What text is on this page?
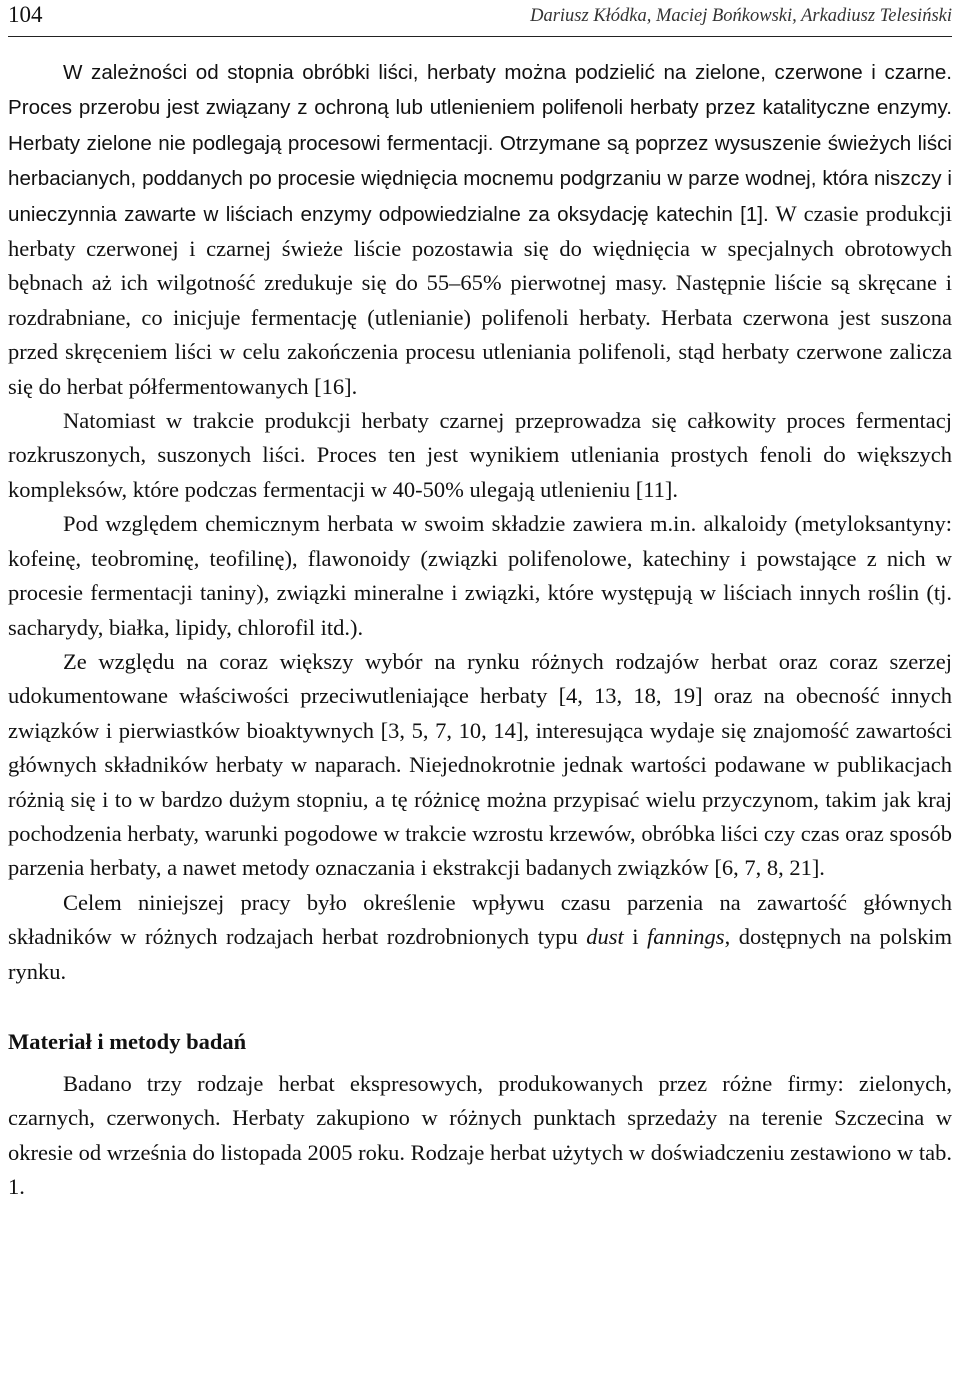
104	Dariusz Kłódka, Maciej Bońkowski, Arkadiusz Telesiński

W zależności od stopnia obróbki liści, herbaty można podzielić na zielone, czerwone i czarne. Proces przerobu jest związany z ochroną lub utlenieniem polifenoli herbaty przez katalityczne enzymy. Herbaty zielone nie podlegają procesowi fermentacji. Otrzymane są poprzez wysuszenie świeżych liści herbacianych, poddanych po procesie więdnięcia mocnemu podgrzaniu w parze wodnej, która niszczy i unieczynnia zawarte w liściach enzymy odpowiedzialne za oksydację katechin [1]. W czasie produkcji herbaty czerwonej i czarnej świeże liście pozostawia się do więdnięcia w specjalnych obrotowych bębnach aż ich wilgotność zredukuje się do 55–65% pierwotnej masy. Następnie liście są skręcane i rozdrabniane, co inicjuje fermentację (utlenianie) polifenoli herbaty. Herbata czerwona jest suszona przed skręceniem liści w celu zakończenia procesu utleniania polifenoli, stąd herbaty czerwone zalicza się do herbat półfermentowanych [16].

Natomiast w trakcie produkcji herbaty czarnej przeprowadza się całkowity proces fermentacj rozkruszonych, suszonych liści. Proces ten jest wynikiem utleniania prostych fenoli do większych kompleksów, które podczas fermentacji w 40-50% ulegają utlenieniu [11].

Pod względem chemicznym herbata w swoim składzie zawiera m.in. alkaloidy (metyloksantyny: kofeinę, teobrominę, teofilinę), flawonoidy (związki polifenolowe, katechiny i powstające z nich w procesie fermentacji taniny), związki mineralne i związki, które występują w liściach innych roślin (tj. sacharydy, białka, lipidy, chlorofil itd.).

Ze względu na coraz większy wybór na rynku różnych rodzajów herbat oraz coraz szerzej udokumentowane właściwości przeciwutleniające herbaty [4, 13, 18, 19] oraz na obecność innych związków i pierwiastków bioaktywnych [3, 5, 7, 10, 14], interesująca wydaje się znajomość zawartości głównych składników herbaty w naparach. Niejednokrotnie jednak wartości podawane w publikacjach różnią się i to w bardzo dużym stopniu, a tę różnicę można przypisać wielu przyczynom, takim jak kraj pochodzenia herbaty, warunki pogodowe w trakcie wzrostu krzewów, obróbka liści czy czas oraz sposób parzenia herbaty, a nawet metody oznaczania i ekstrakcji badanych związków [6, 7, 8, 21].

Celem niniejszej pracy było określenie wpływu czasu parzenia na zawartość głównych składników w różnych rodzajach herbat rozdrobnionych typu dust i fannings, dostępnych na polskim rynku.

Materiał i metody badań

Badano trzy rodzaje herbat ekspresowych, produkowanych przez różne firmy: zielonych, czarnych, czerwonych. Herbaty zakupiono w różnych punktach sprzedaży na terenie Szczecina w okresie od września do listopada 2005 roku. Rodzaje herbat użytych w doświadczeniu zestawiono w tab. 1.
